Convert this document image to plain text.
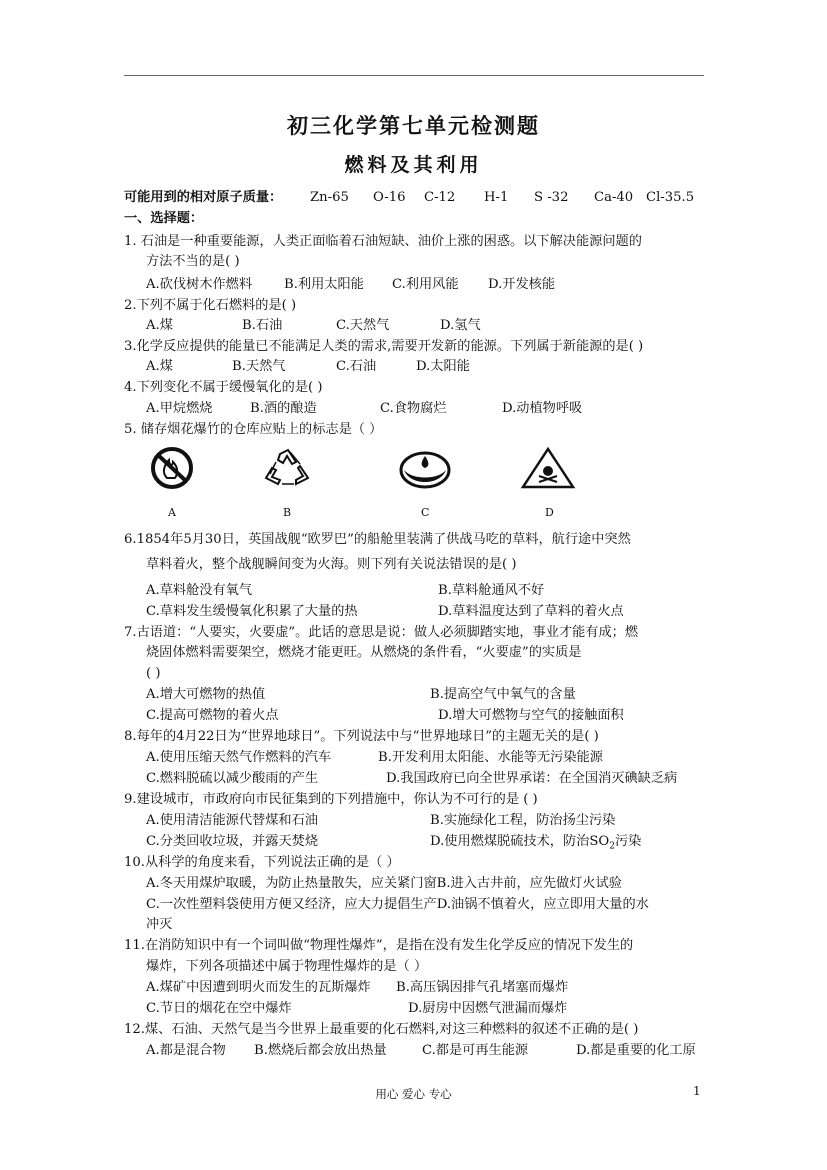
初三化学第七单元检测题
燃料及其利用
可能用到的相对原子质量： Zn-65 O-16 C-12 H-1 S -32 Ca-40 Cl-35.5
一、选择题：
1. 石油是一种重要能源，人类正面临着石油短缺、油价上涨的困惑。以下解决能源问题的
方法不当的是( )
A.砍伐树木作燃料 B.利用太阳能 C.利用风能 D.开发核能
2.下列不属于化石燃料的是( )
A.煤	B.石油	C.天然气	D.氢气
3.化学反应提供的能量已不能满足人类的需求,需要开发新的能源。下列属于新能源的是( )
A.煤	B.天然气	C.石油	D.太阳能
4.下列变化不属于缓慢氧化的是( )
A.甲烷燃烧	B.酒的酿造	C.食物腐烂	D.动植物呼吸
5. 储存烟花爆竹的仓库应贴上的标志是（ ）
A	B	C	D
6.1854年5月30日，英国战舰“欧罗巴”的船舱里装满了供战马吃的草料，航行途中突然
草料着火，整个战舰瞬间变为火海。则下列有关说法错误的是( )
A.草料舱没有氧气	B.草料舱通风不好
C.草料发生缓慢氧化积累了大量的热	D.草料温度达到了草料的着火点
7.古语道：“人要实，火要虚”。此话的意思是说：做人必须脚踏实地，事业才能有成；燃
烧固体燃料需要架空，燃烧才能更旺。从燃烧的条件看，“火要虚”的实质是
( )
A.增大可燃物的热值	B.提高空气中氧气的含量
C.提高可燃物的着火点	D.增大可燃物与空气的接触面积
8.每年的4月22日为“世界地球日”。下列说法中与“世界地球日”的主题无关的是( )
A.使用压缩天然气作燃料的汽车	B.开发利用太阳能、水能等无污染能源
C.燃料脱硫以减少酸雨的产生	D.我国政府已向全世界承诺：在全国消灭碘缺乏病
9.建设城市，市政府向市民征集到的下列措施中，你认为不可行的是 ( )
A.使用清洁能源代替煤和石油	B.实施绿化工程，防治扬尘污染
C.分类回收垃圾，并露天焚烧	D.使用燃煤脱硫技术，防治$SO_2$污染
10.从科学的角度来看，下列说法正确的是（ ）
A.冬天用煤炉取暖，为防止热量散失，应关紧门窗B.进入古井前，应先做灯火试验
C.一次性塑料袋使用方便又经济，应大力提倡生产D.油锅不慎着火，应立即用大量的水
冲灭
11.在消防知识中有一个词叫做“物理性爆炸”，是指在没有发生化学反应的情况下发生的
爆炸，下列各项描述中属于物理性爆炸的是（ ）
A.煤矿中因遭到明火而发生的瓦斯爆炸 B.高压锅因排气孔堵塞而爆炸
C.节日的烟花在空中爆炸	D.厨房中因燃气泄漏而爆炸
12.煤、石油、天然气是当今世界上最重要的化石燃料,对这三种燃料的叙述不正确的是( )
A.都是混合物 B.燃烧后都会放出热量	C.都是可再生能源	D.都是重要的化工原
用心 爱心 专心	1
